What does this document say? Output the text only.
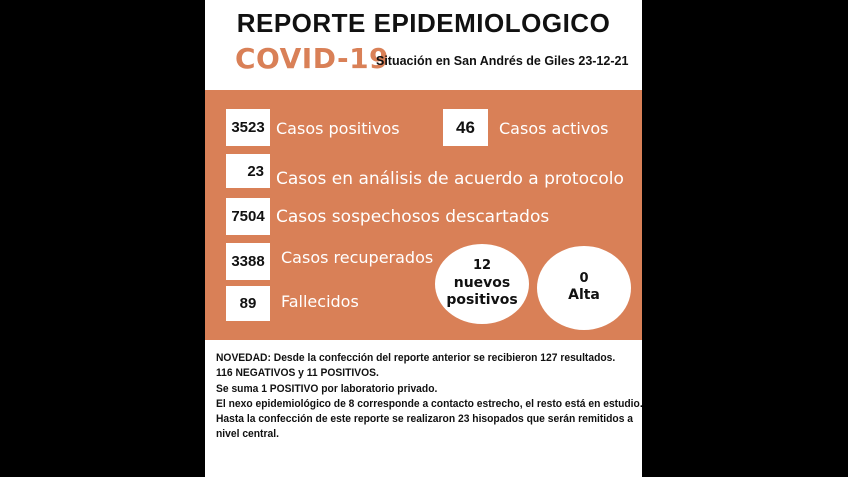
REPORTE EPIDEMIOLOGICO
COVID-19
Situación en San Andrés de Giles 23-12-21
3523 Casos positivos	46	Casos activos
23 Casos en análisis de acuerdo a protocolo
7504 Casos sospechosos descartados
3388	Casos recuperados
89	Fallecidos
12
nuevos
positivos
0
Alta
NOVEDAD: Desde la confección del reporte anterior se recibieron 127 resultados.
116 NEGATIVOS y 11 POSITIVOS.
Se suma 1 POSITIVO por laboratorio privado.
El nexo epidemiológico de 8 corresponde a contacto estrecho, el resto está en estudio.
Hasta la confección de este reporte se realizaron 23 hisopados que serán remitidos a
nivel central.
